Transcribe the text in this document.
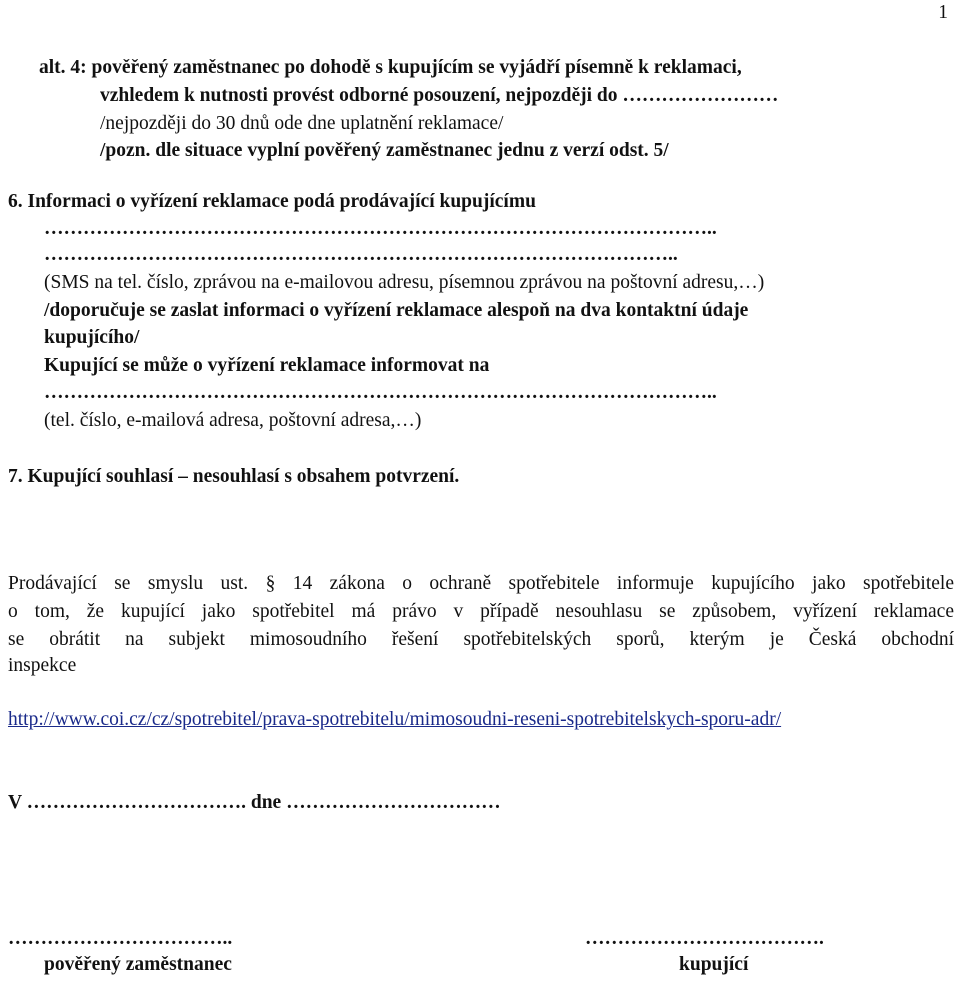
1
alt. 4: pověřený zaměstnanec po dohodě s kupujícím se vyjádří písemně k reklamaci,
vzhledem k nutnosti provést odborné posouzení, nejpozději do ……………………
/nejpozději do 30 dnů ode dne uplatnění reklamace/
/pozn. dle situace vyplní pověřený zaměstnanec jednu z verzí odst. 5/
6. Informaci o vyřízení reklamace podá prodávající kupujícímu
…………………………………………………………………………………………..
……………………………………………………………………………………..
(SMS na tel. číslo, zprávou na e-mailovou adresu, písemnou zprávou na poštovní adresu,…)
/doporučuje se zaslat informaci o vyřízení reklamace alespoň na dva kontaktní údaje
kupujícího/
Kupující se může o vyřízení reklamace informovat na
…………………………………………………………………………………………..
(tel. číslo, e-mailová adresa, poštovní adresa,…)
7. Kupující souhlasí – nesouhlasí s obsahem potvrzení.
Prodávající se smyslu ust. § 14 zákona o ochraně spotřebitele informuje kupujícího jako spotřebitele
o tom, že kupující jako spotřebitel má právo v případě nesouhlasu se způsobem, vyřízení reklamace
se obrátit na subjekt mimosoudního řešení spotřebitelských sporů, kterým je Česká obchodní
inspekce
http://www.coi.cz/cz/spotrebitel/prava-spotrebitelu/mimosoudni-reseni-spotrebitelskych-sporu-adr/
V ……………………………. dne ……………………………
……………………………..	……………………………….
pověřený zaměstnanec	kupující
